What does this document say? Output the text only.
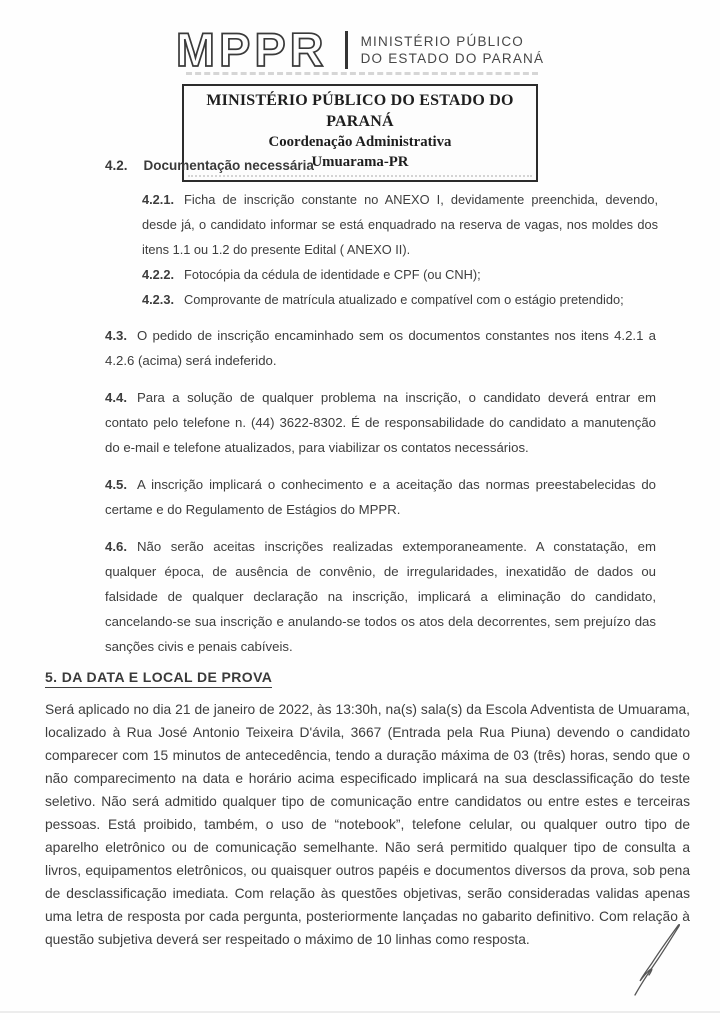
MPPR MINISTÉRIO PÚBLICO
DO ESTADO DO PARANÁ
MINISTÉRIO PÚBLICO DO ESTADO DO PARANÁ
Coordenação Administrativa
Umuarama-PR
4.2. Documentação necessária

4.2.1. Ficha de inscrição constante no ANEXO I, devidamente preenchida, devendo, desde já, o candidato informar se está enquadrado na reserva de vagas, nos moldes dos itens 1.1 ou 1.2 do presente Edital ( ANEXO II).

4.2.2. Fotocópia da cédula de identidade e CPF (ou CNH);

4.2.3. Comprovante de matrícula atualizado e compatível com o estágio pretendido;

4.3. O pedido de inscrição encaminhado sem os documentos constantes nos itens 4.2.1 a 4.2.6 (acima) será indeferido.

4.4. Para a solução de qualquer problema na inscrição, o candidato deverá entrar em contato pelo telefone n. (44) 3622-8302. É de responsabilidade do candidato a manutenção do e-mail e telefone atualizados, para viabilizar os contatos necessários.

4.5. A inscrição implicará o conhecimento e a aceitação das normas preestabelecidas do certame e do Regulamento de Estágios do MPPR.

4.6. Não serão aceitas inscrições realizadas extemporaneamente. A constatação, em qualquer época, de ausência de convênio, de irregularidades, inexatidão de dados ou falsidade de qualquer declaração na inscrição, implicará a eliminação do candidato, cancelando-se sua inscrição e anulando-se todos os atos dela decorrentes, sem prejuízo das sanções civis e penais cabíveis.

5. DA DATA E LOCAL DE PROVA

Será aplicado no dia 21 de janeiro de 2022, às 13:30h, na(s) sala(s) da Escola Adventista de Umuarama, localizado à Rua José Antonio Teixeira D'ávila, 3667 (Entrada pela Rua Piuna) devendo o candidato comparecer com 15 minutos de antecedência, tendo a duração máxima de 03 (três) horas, sendo que o não comparecimento na data e horário acima especificado implicará na sua desclassificação do teste seletivo. Não será admitido qualquer tipo de comunicação entre candidatos ou entre estes e terceiras pessoas. Está proibido, também, o uso de “notebook”, telefone celular, ou qualquer outro tipo de aparelho eletrônico ou de comunicação semelhante. Não será permitido qualquer tipo de consulta a livros, equipamentos eletrônicos, ou quaisquer outros papéis e documentos diversos da prova, sob pena de desclassificação imediata. Com relação às questões objetivas, serão consideradas validas apenas uma letra de resposta por cada pergunta, posteriormente lançadas no gabarito definitivo. Com relação à questão subjetiva deverá ser respeitado o máximo de 10 linhas como resposta.
